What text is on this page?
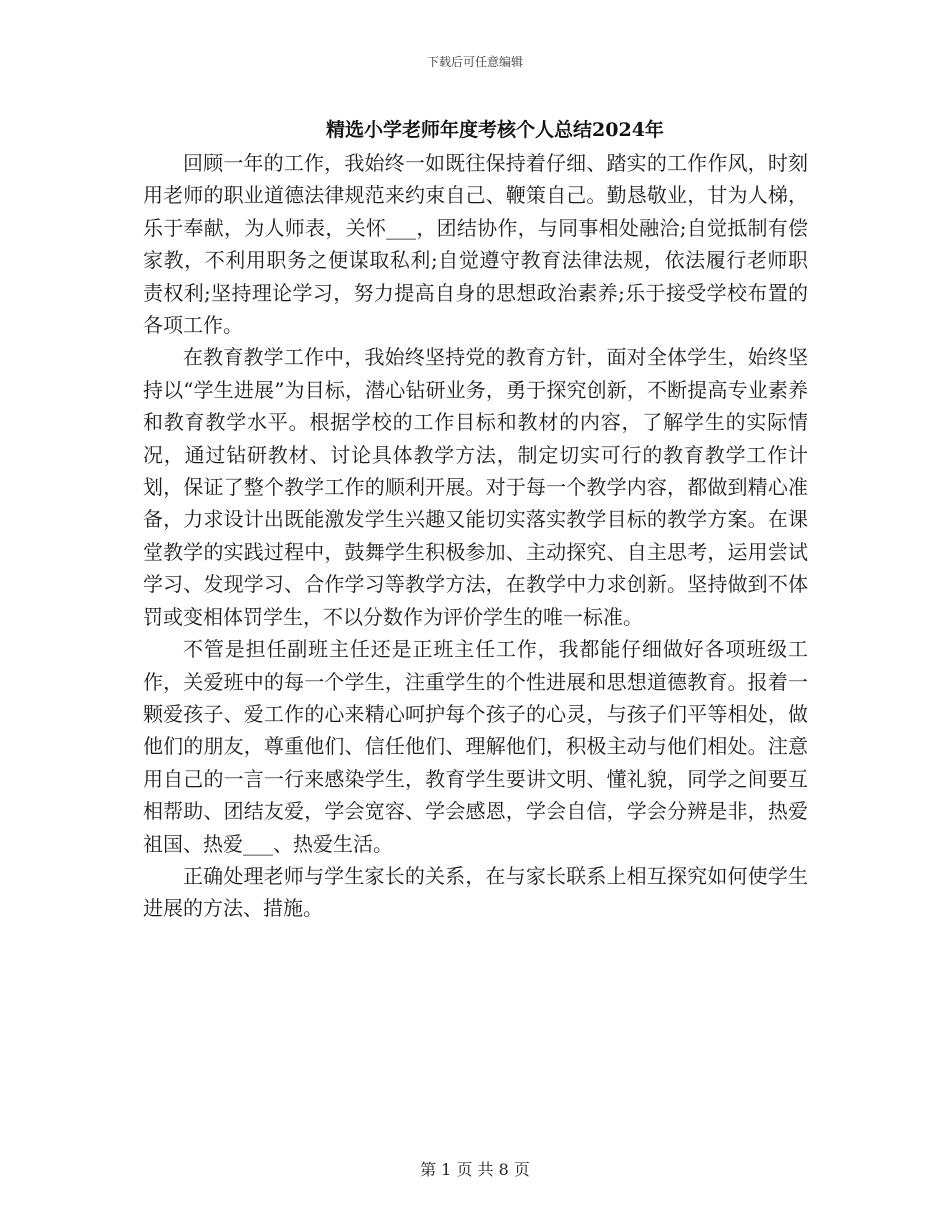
下载后可任意编辑
精选小学老师年度考核个人总结2024年

回顾一年的工作，我始终一如既往保持着仔细、踏实的工作作风，时刻用老师的职业道德法律规范来约束自己、鞭策自己。勤恳敬业，甘为人梯，乐于奉献，为人师表，关怀___，团结协作，与同事相处融洽;自觉抵制有偿家教，不利用职务之便谋取私利;自觉遵守教育法律法规，依法履行老师职责权利;坚持理论学习，努力提高自身的思想政治素养;乐于接受学校布置的各项工作。

在教育教学工作中，我始终坚持党的教育方针，面对全体学生，始终坚持以“学生进展”为目标，潜心钻研业务，勇于探究创新，不断提高专业素养和教育教学水平。根据学校的工作目标和教材的内容，了解学生的实际情况，通过钻研教材、讨论具体教学方法，制定切实可行的教育教学工作计划，保证了整个教学工作的顺利开展。对于每一个教学内容，都做到精心准备，力求设计出既能激发学生兴趣又能切实落实教学目标的教学方案。在课堂教学的实践过程中，鼓舞学生积极参加、主动探究、自主思考，运用尝试学习、发现学习、合作学习等教学方法，在教学中力求创新。坚持做到不体罚或变相体罚学生，不以分数作为评价学生的唯一标准。

不管是担任副班主任还是正班主任工作，我都能仔细做好各项班级工作，关爱班中的每一个学生，注重学生的个性进展和思想道德教育。报着一颗爱孩子、爱工作的心来精心呵护每个孩子的心灵，与孩子们平等相处，做他们的朋友，尊重他们、信任他们、理解他们，积极主动与他们相处。注意用自己的一言一行来感染学生，教育学生要讲文明、懂礼貌，同学之间要互相帮助、团结友爱，学会宽容、学会感恩，学会自信，学会分辨是非，热爱祖国、热爱___、热爱生活。

正确处理老师与学生家长的关系，在与家长联系上相互探究如何使学生进展的方法、措施。

第 1 页 共 8 页
